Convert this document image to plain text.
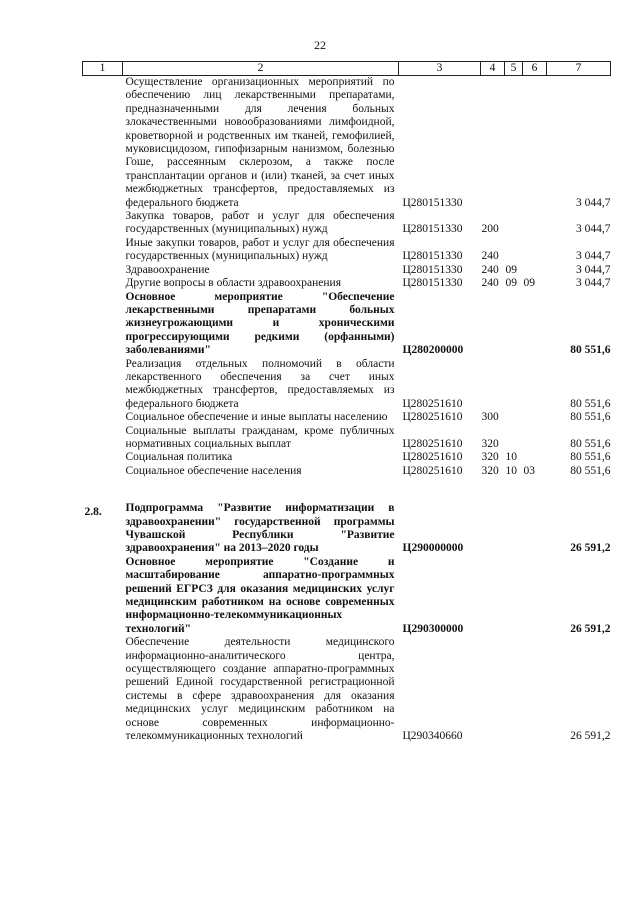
22
1	2	3	4	5	6	7
	Осуществление организационных мероприятий по обеспечению лиц лекарственными препаратами, предназначенными для лечения больных злокачественными новообразованиями лимфоидной, кроветворной и родственных им тканей, гемофилией, муковисцидозом, гипофизарным нанизмом, болезнью Гоше, рассеянным склерозом, а также после трансплантации органов и (или) тканей, за счет иных межбюджетных трансфертов, предоставляемых из федерального бюджета	Ц280151330				3 044,7
	Закупка товаров, работ и услуг для обеспечения государственных (муниципальных) нужд	Ц280151330	200			3 044,7
	Иные закупки товаров, работ и услуг для обеспечения государственных (муниципальных) нужд	Ц280151330	240			3 044,7
	Здравоохранение	Ц280151330	240	09		3 044,7
	Другие вопросы в области здравоохранения	Ц280151330	240	09	09	3 044,7
	Основное мероприятие "Обеспечение лекарственными препаратами больных жизнеугрожающими и хроническими прогрессирующими редкими (орфанными) заболеваниями"	Ц280200000				80 551,6
	Реализация отдельных полномочий в области лекарственного обеспечения за счет иных межбюджетных трансфертов, предоставляемых из федерального бюджета	Ц280251610				80 551,6
	Социальное обеспечение и иные выплаты населению	Ц280251610	300			80 551,6
	Социальные выплаты гражданам, кроме публичных нормативных социальных выплат	Ц280251610	320			80 551,6
	Социальная политика	Ц280251610	320	10		80 551,6
	Социальное обеспечение населения	Ц280251610	320	10	03	80 551,6

2.8.	Подпрограмма "Развитие информатизации в здравоохранении" государственной программы Чувашской Республики "Развитие здравоохранения" на 2013–2020 годы	Ц290000000				26 591,2
	Основное мероприятие "Создание и масштабирование аппаратно-программных решений ЕГРСЗ для оказания медицинских услуг медицинским работником на основе современных информационно-телекоммуникационных технологий"	Ц290300000				26 591,2
	Обеспечение деятельности медицинского информационно-аналитического центра, осуществляющего создание аппаратно-программных решений Единой государственной регистрационной системы в сфере здравоохранения для оказания медицинских услуг медицинским работником на основе современных информационно-телекоммуникационных технологий	Ц290340660				26 591,2
